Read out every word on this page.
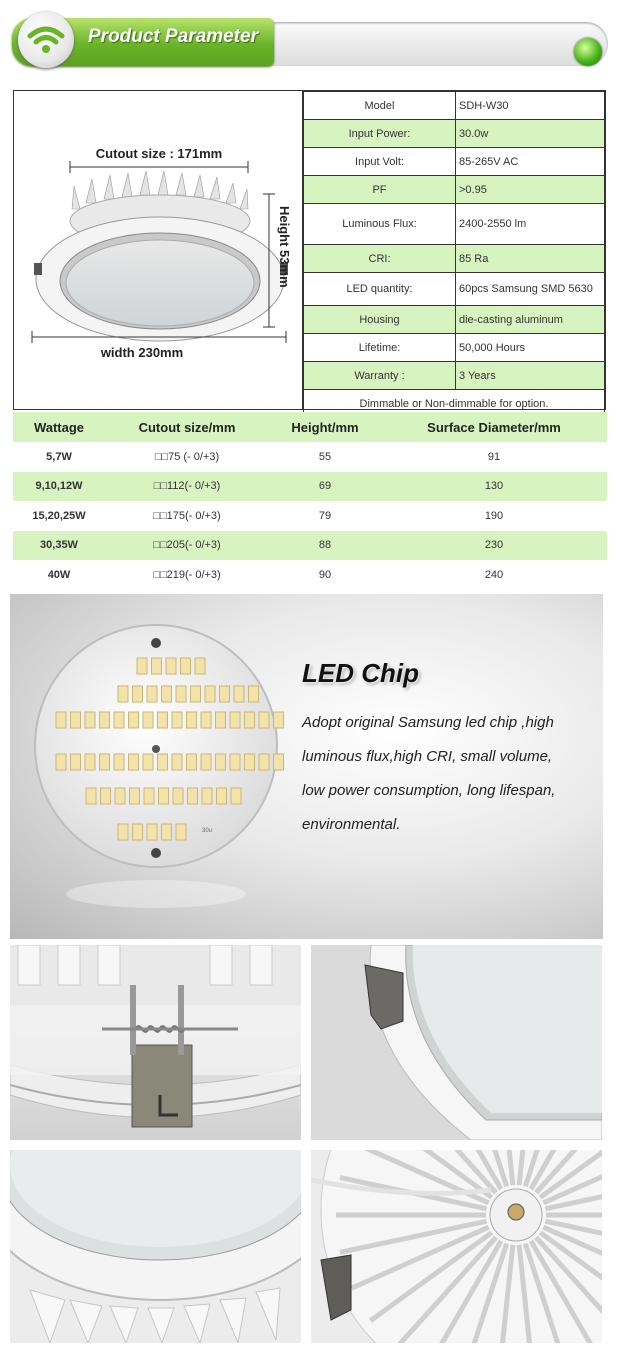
Product Parameter
Cutout size : 171mm
Height 53mm
width 230mm
Model	SDH-W30
Input Power:	30.0w
Input Volt:	85-265V AC
PF	>0.95
Luminous Flux:	2400-2550 lm
CRI:	85 Ra
LED quantity:	60pcs Samsung SMD 5630
Housing	die-casting aluminum
Lifetime:	50,000 Hours
Warranty :	3 Years
Dimmable or Non-dimmable for option.	
Wattage	Cutout size/mm	Height/mm	Surface Diameter/mm
5,7W	□□75 (- 0/+3)	55	91
9,10,12W	□□112(- 0/+3)	69	130
15,20,25W	□□175(- 0/+3)	79	190
30,35W	□□205(- 0/+3)	88	230
40W	□□219(- 0/+3)	90	240
30u
LED Chip
Adopt original Samsung led chip ,high
luminous flux,high CRI, small volume,
low power consumption, long lifespan,
environmental.
